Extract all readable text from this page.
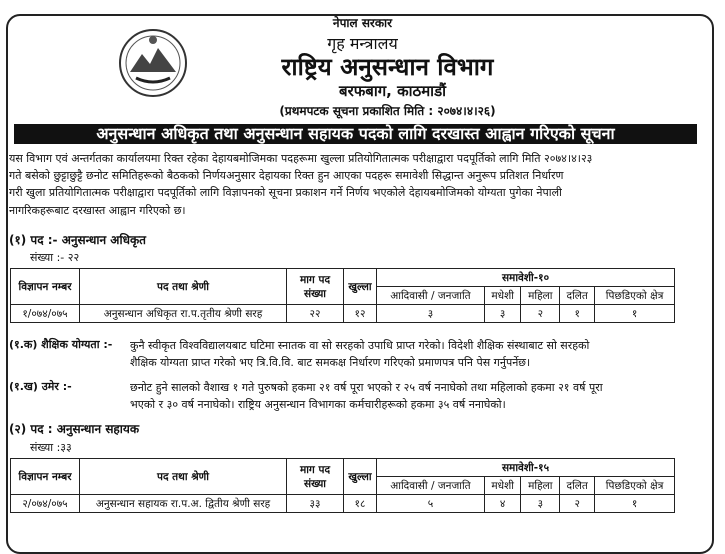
नेपाल सरकार
गृह मन्त्रालय
राष्ट्रिय अनुसन्धान विभाग
बरफबाग, काठमाडौं
(प्रथमपटक सूचना प्रकाशित मिति : २०७४।४।२६)
अनुसन्धान अधिकृत तथा अनुसन्धान सहायक पदको लागि दरखास्त आह्वान गरिएको सूचना
यस विभाग एवं अन्तर्गतका कार्यालयमा रिक्त रहेका देहायबमोजिमका पदहरूमा खुल्ला प्रतियोगितात्मक परीक्षाद्वारा पदपूर्तिको लागि मिति २०७४।४।२३
गते बसेको छुट्टाछुट्टै छनोट समितिहरूको बैठकको निर्णयअनुसार देहायका रिक्त हुन आएका पदहरू समावेशी सिद्धान्त अनुरूप प्रतिशत निर्धारण
गरी खुला प्रतियोगितात्मक परीक्षाद्वारा पदपूर्तिको लागि विज्ञापनको सूचना प्रकाशन गर्ने निर्णय भएकोले देहायबमोजिमको योग्यता पुगेका नेपाली
नागरिकहरूबाट दरखास्त आह्वान गरिएको छ।
(१) पद :- अनुसन्धान अधिकृत
संख्या :- २२
विज्ञापन नम्बर	पद तथा श्रेणी	माग पद
संख्या	खुल्ला	समावेशी-१०				
				आदिवासी / जनजाति	मधेशी	महिला	दलित	पिछडिएको क्षेत्र
१/०७४/०७५	अनुसन्धान अधिकृत रा.प.तृतीय श्रेणी सरह	२२	१२	३	३	२	१	१
(१.क) शैक्षिक योग्यता :- कुनै स्वीकृत विश्वविद्यालयबाट घटिमा स्नातक वा सो सरहको उपाधि प्राप्त गरेको। विदेशी शैक्षिक संस्थाबाट सो सरहको
शैक्षिक योग्यता प्राप्त गरेको भए त्रि.वि.वि. बाट समकक्ष निर्धारण गरिएको प्रमाणपत्र पनि पेस गर्नुपर्नेछ।
(१.ख) उमेर :-	छनोट हुने सालको वैशाख १ गते पुरुषको हकमा २१ वर्ष पूरा भएको र २५ वर्ष ननाघेको तथा महिलाको हकमा २१ वर्ष पूरा
भएको र ३० वर्ष ननाघेको। राष्ट्रिय अनुसन्धान विभागका कर्मचारीहरूको हकमा ३५ वर्ष ननाघेको।
(२) पद : अनुसन्धान सहायक
संख्या :३३
विज्ञापन नम्बर	पद तथा श्रेणी	माग पद
संख्या	खुल्ला	समावेशी-१५				
				आदिवासी / जनजाति	मधेशी	महिला	दलित	पिछडिएको क्षेत्र
२/०७४/०७५	अनुसन्धान सहायक रा.प.अ. द्वितीय श्रेणी सरह	३३	१८	५	४	३	२	१
